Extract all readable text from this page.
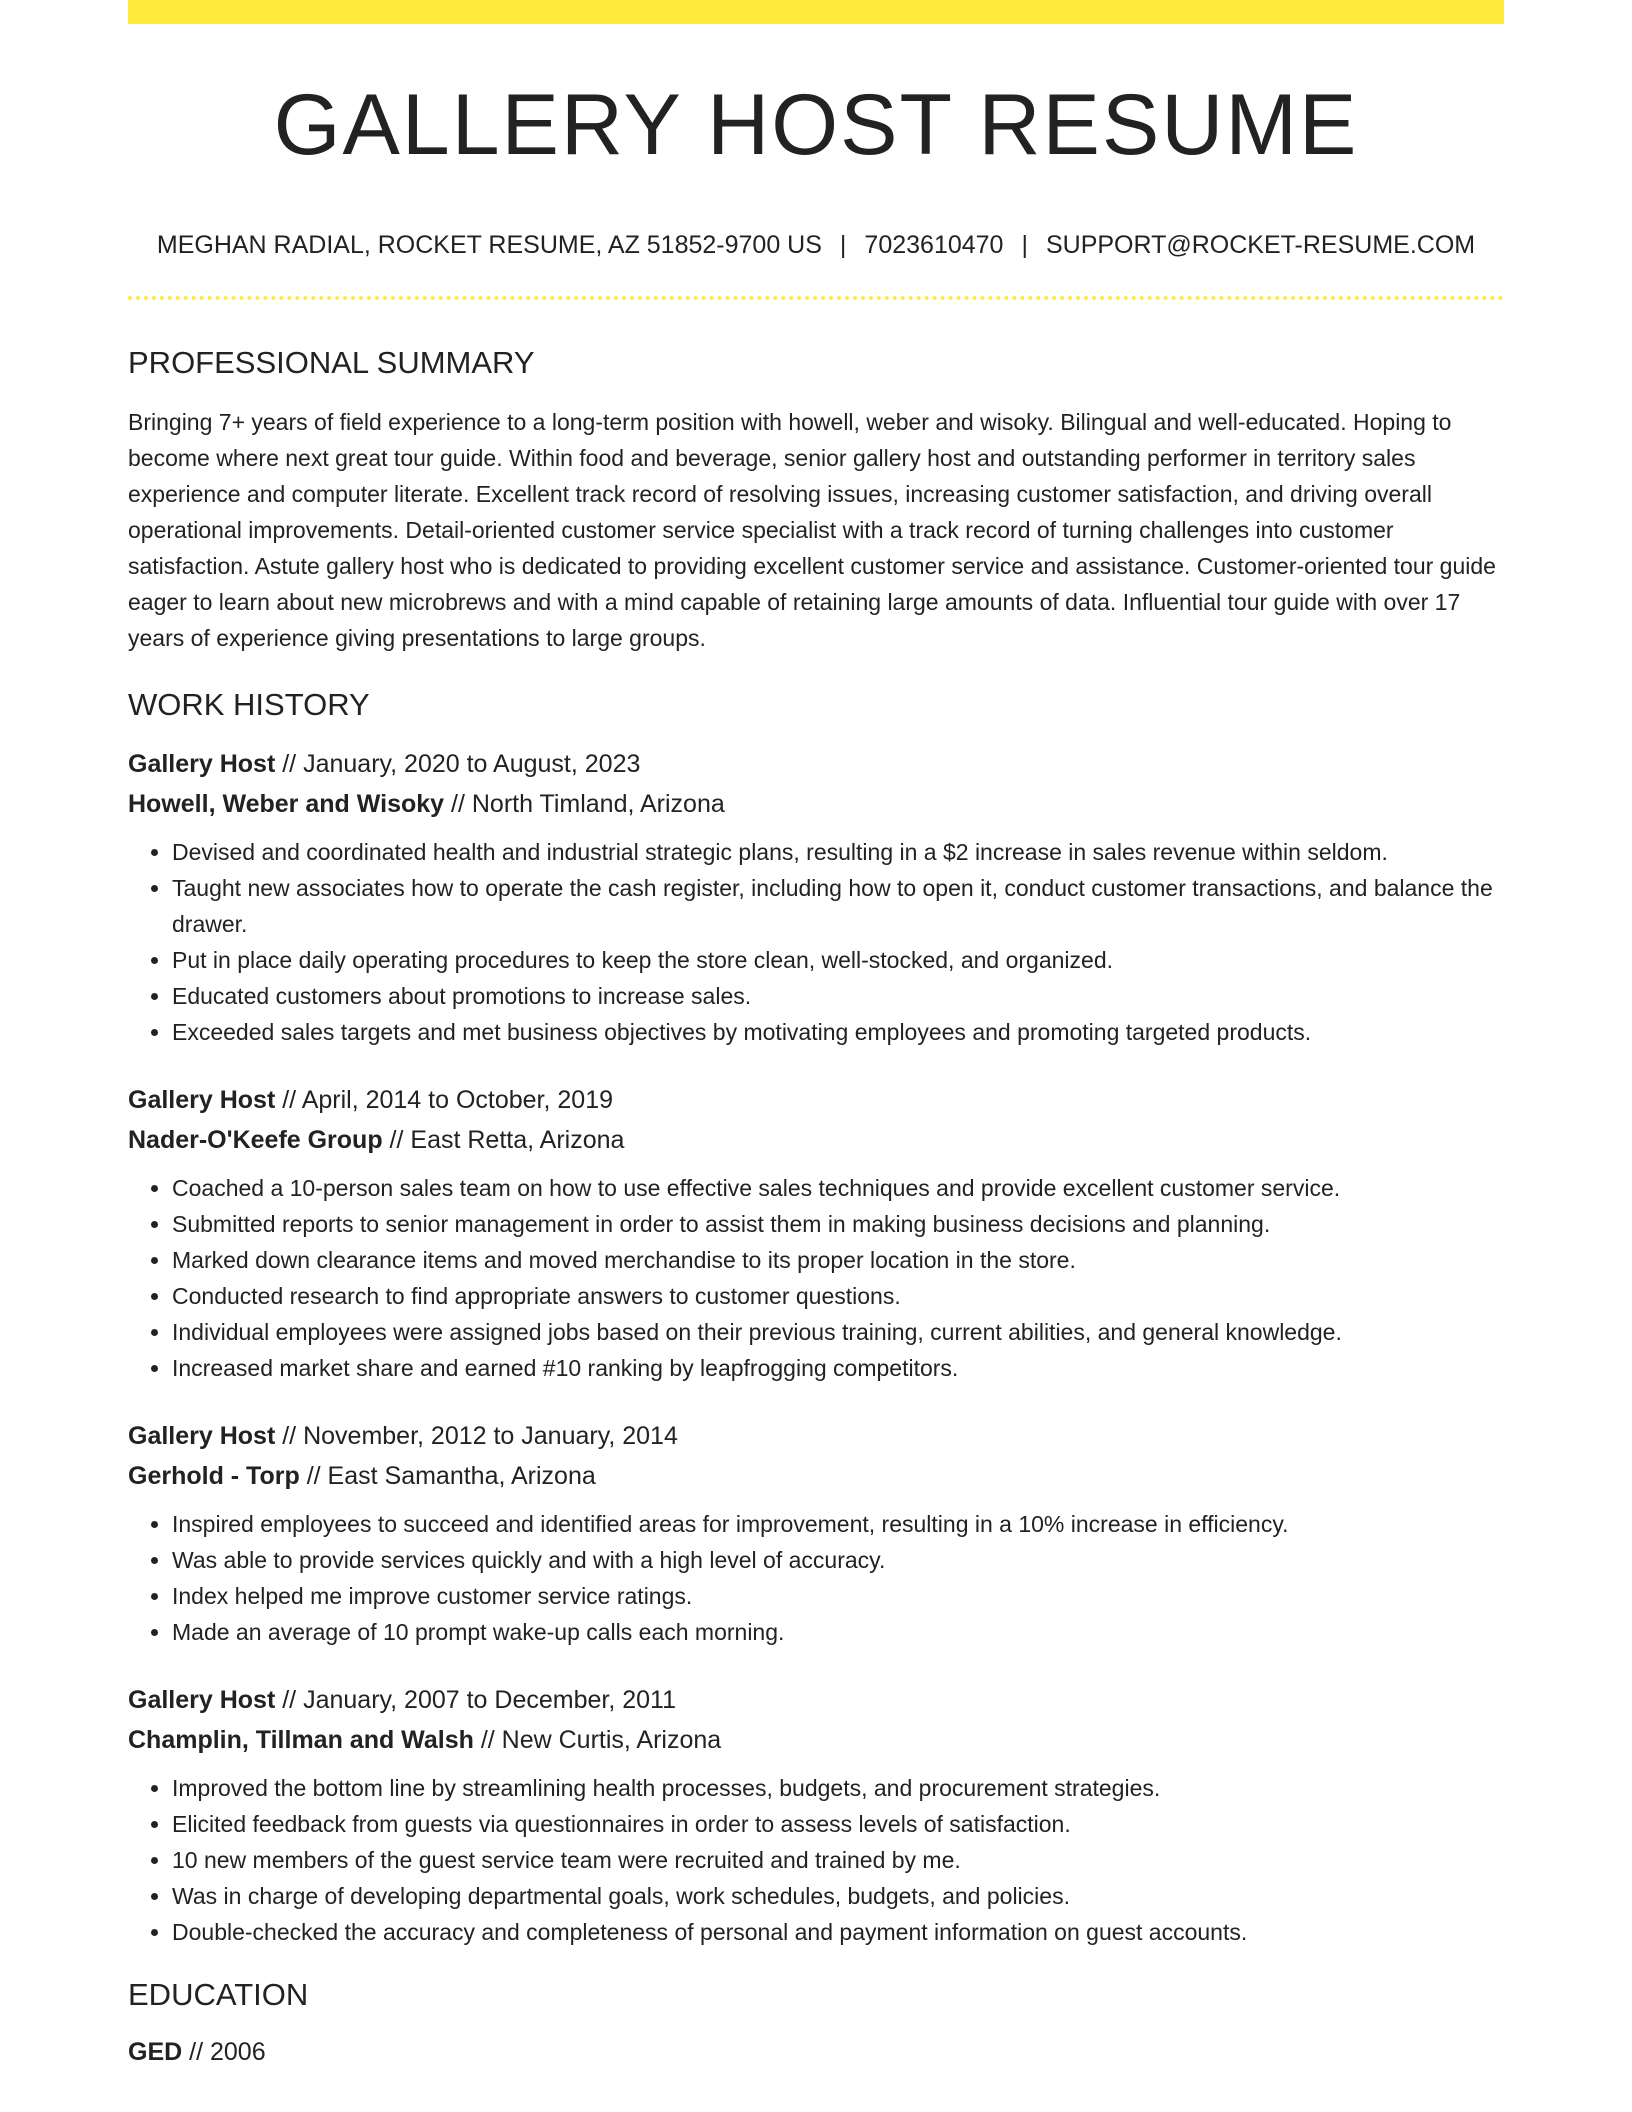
GALLERY HOST RESUME
MEGHAN RADIAL, ROCKET RESUME, AZ 51852-9700 US | 7023610470 | SUPPORT@ROCKET-RESUME.COM
PROFESSIONAL SUMMARY

Bringing 7+ years of field experience to a long-term position with howell, weber and wisoky. Bilingual and well-educated. Hoping to become where next great tour guide. Within food and beverage, senior gallery host and outstanding performer in territory sales experience and computer literate. Excellent track record of resolving issues, increasing customer satisfaction, and driving overall operational improvements. Detail-oriented customer service specialist with a track record of turning challenges into customer satisfaction. Astute gallery host who is dedicated to providing excellent customer service and assistance. Customer-oriented tour guide eager to learn about new microbrews and with a mind capable of retaining large amounts of data. Influential tour guide with over 17 years of experience giving presentations to large groups.

WORK HISTORY
Gallery Host // January, 2020 to August, 2023
Howell, Weber and Wisoky // North Timland, Arizona
• Devised and coordinated health and industrial strategic plans, resulting in a $2 increase in sales revenue within seldom.
• Taught new associates how to operate the cash register, including how to open it, conduct customer transactions, and balance the drawer.
• Put in place daily operating procedures to keep the store clean, well-stocked, and organized.
• Educated customers about promotions to increase sales.
• Exceeded sales targets and met business objectives by motivating employees and promoting targeted products.
Gallery Host // April, 2014 to October, 2019
Nader-O'Keefe Group // East Retta, Arizona
• Coached a 10-person sales team on how to use effective sales techniques and provide excellent customer service.
• Submitted reports to senior management in order to assist them in making business decisions and planning.
• Marked down clearance items and moved merchandise to its proper location in the store.
• Conducted research to find appropriate answers to customer questions.
• Individual employees were assigned jobs based on their previous training, current abilities, and general knowledge.
• Increased market share and earned #10 ranking by leapfrogging competitors.
Gallery Host // November, 2012 to January, 2014
Gerhold - Torp // East Samantha, Arizona
• Inspired employees to succeed and identified areas for improvement, resulting in a 10% increase in efficiency.
• Was able to provide services quickly and with a high level of accuracy.
• Index helped me improve customer service ratings.
• Made an average of 10 prompt wake-up calls each morning.
Gallery Host // January, 2007 to December, 2011
Champlin, Tillman and Walsh // New Curtis, Arizona
• Improved the bottom line by streamlining health processes, budgets, and procurement strategies.
• Elicited feedback from guests via questionnaires in order to assess levels of satisfaction.
• 10 new members of the guest service team were recruited and trained by me.
• Was in charge of developing departmental goals, work schedules, budgets, and policies.
• Double-checked the accuracy and completeness of personal and payment information on guest accounts.
EDUCATION
GED // 2006
